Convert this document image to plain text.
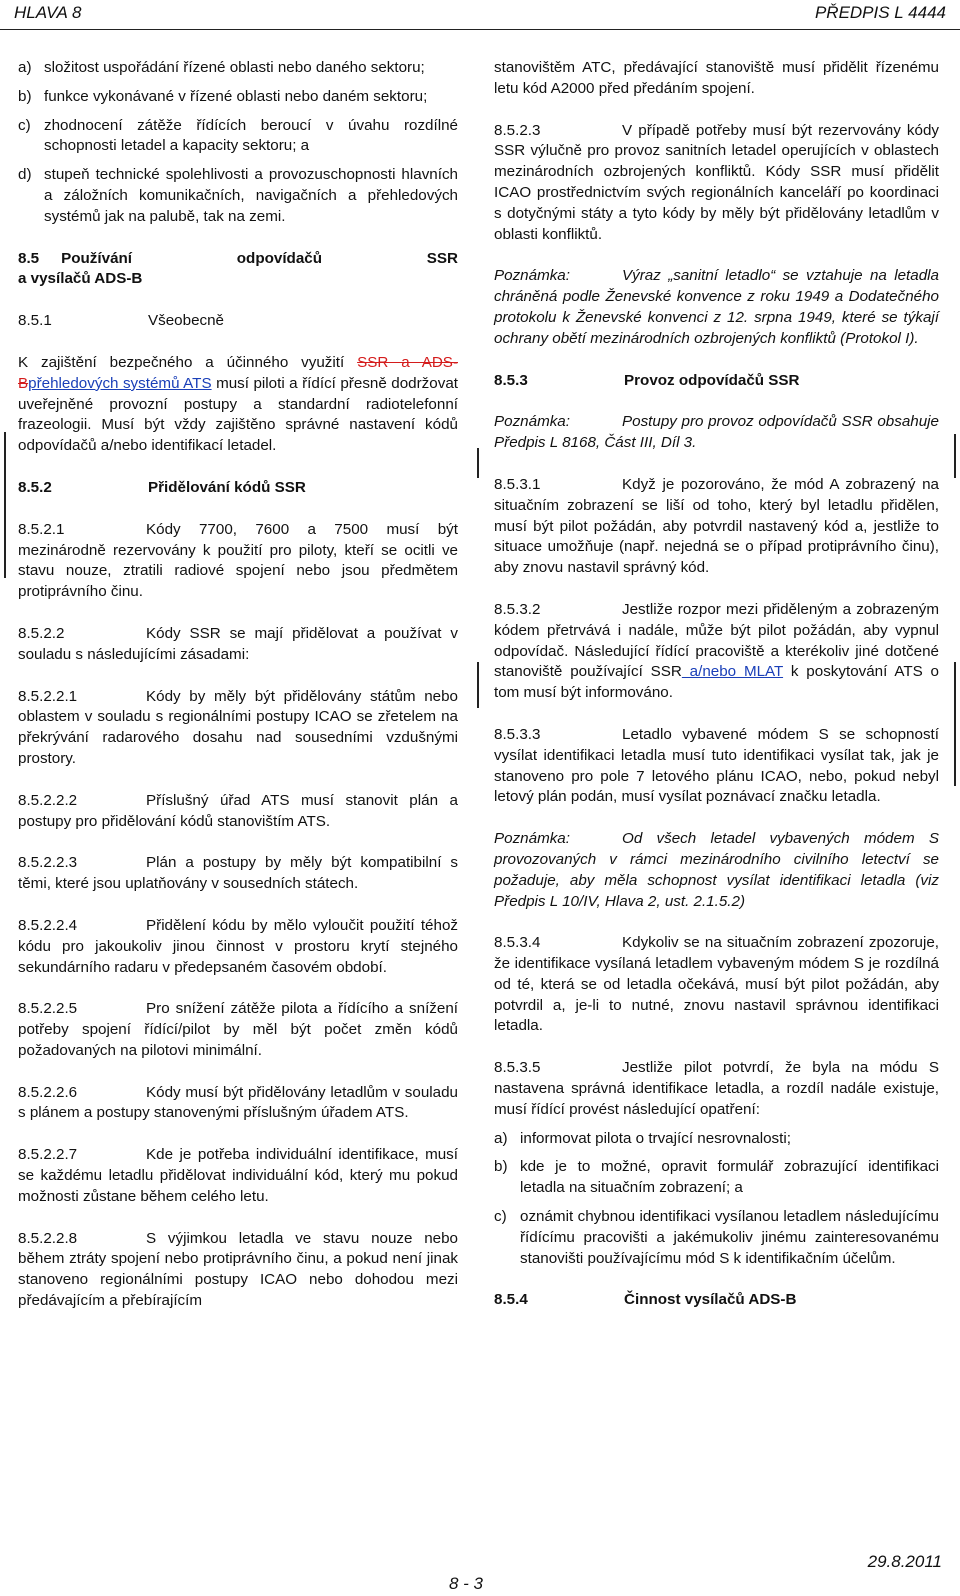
HLAVA 8	PŘEDPIS L 4444
a) složitost uspořádání řízené oblasti nebo daného sektoru;
b) funkce vykonávané v řízené oblasti nebo daném sektoru;
c) zhodnocení zátěže řídících beroucí v úvahu rozdílné schopnosti letadel a kapacity sektoru; a
d) stupeň technické spolehlivosti a provozuschopnosti hlavních a záložních komunikačních, navigačních a přehledových systémů jak na palubě, tak na zemi.
8.5	Používání odpovídačů SSR
a vysílačů ADS-B
8.5.1	Všeobecně

K zajištění bezpečného a účinného využití SSR a ADS-Bpřehledových systémů ATS musí piloti a řídící přesně dodržovat uveřejněné provozní postupy a standardní radiotelefonní frazeologii. Musí být vždy zajištěno správné nastavení kódů odpovídačů a/nebo identifikací letadel.

8.5.2	Přidělování kódů SSR

8.5.2.1	Kódy 7700, 7600 a 7500 musí být mezinárodně rezervovány k použití pro piloty, kteří se ocitli ve stavu nouze, ztratili radiové spojení nebo jsou předmětem protiprávního činu.

8.5.2.2	Kódy SSR se mají přidělovat a používat v souladu s následujícími zásadami:

8.5.2.2.1	Kódy by měly být přidělovány státům nebo oblastem v souladu s regionálními postupy ICAO se zřetelem na překrývání radarového dosahu nad sousedními vzdušnými prostory.

8.5.2.2.2	Příslušný úřad ATS musí stanovit plán a postupy pro přidělování kódů stanovištím ATS.

8.5.2.2.3	Plán a postupy by měly být kompatibilní s těmi, které jsou uplatňovány v sousedních státech.

8.5.2.2.4	Přidělení kódu by mělo vyloučit použití téhož kódu pro jakoukoliv jinou činnost v prostoru krytí stejného sekundárního radaru v předepsaném časovém období.

8.5.2.2.5	Pro snížení zátěže pilota a řídícího a snížení potřeby spojení řídící/pilot by měl být počet změn kódů požadovaných na pilotovi minimální.

8.5.2.2.6	Kódy musí být přidělovány letadlům v souladu s plánem a postupy stanovenými příslušným úřadem ATS.

8.5.2.2.7	Kde je potřeba individuální identifikace, musí se každému letadlu přidělovat individuální kód, který mu pokud možnosti zůstane během celého letu.

8.5.2.2.8	S výjimkou letadla ve stavu nouze nebo během ztráty spojení nebo protiprávního činu, a pokud není jinak stanoveno regionálními postupy ICAO nebo dohodou mezi předávajícím a přebírajícím

stanovištěm ATC, předávající stanoviště musí přidělit řízenému letu kód A2000 před předáním spojení.

8.5.2.3	V případě potřeby musí být rezervovány kódy SSR výlučně pro provoz sanitních letadel operujících v oblastech mezinárodních ozbrojených konfliktů. Kódy SSR musí přidělit ICAO prostřednictvím svých regionálních kanceláří po koordinaci s dotyčnými státy a tyto kódy by měly být přidělovány letadlům v oblasti konfliktů.

Poznámka:	Výraz „sanitní letadlo“ se vztahuje na letadla chráněná podle Ženevské konvence z roku 1949 a Dodatečného protokolu k Ženevské konvenci z 12. srpna 1949, které se týkají ochrany obětí mezinárodních ozbrojených konfliktů (Protokol I).

8.5.3	Provoz odpovídačů SSR

Poznámka:	Postupy pro provoz odpovídačů SSR obsahuje Předpis L 8168, Část III, Díl 3.

8.5.3.1	Když je pozorováno, že mód A zobrazený na situačním zobrazení se liší od toho, který byl letadlu přidělen, musí být pilot požádán, aby potvrdil nastavený kód a, jestliže to situace umožňuje (např. nejedná se o případ protiprávního činu), aby znovu nastavil správný kód.

8.5.3.2	Jestliže rozpor mezi přiděleným a zobrazeným kódem přetrvává i nadále, může být pilot požádán, aby vypnul odpovídač. Následující řídící pracoviště a kterékoliv jiné dotčené stanoviště používající SSR a/nebo MLAT k poskytování ATS o tom musí být informováno.

8.5.3.3	Letadlo vybavené módem S se schopností vysílat identifikaci letadla musí tuto identifikaci vysílat tak, jak je stanoveno pro pole 7 letového plánu ICAO, nebo, pokud nebyl letový plán podán, musí vysílat poznávací značku letadla.

Poznámka:	Od všech letadel vybavených módem S provozovaných v rámci mezinárodního civilního letectví se požaduje, aby měla schopnost vysílat identifikaci letadla (viz Předpis L 10/IV, Hlava 2, ust. 2.1.5.2)

8.5.3.4	Kdykoliv se na situačním zobrazení zpozoruje, že identifikace vysílaná letadlem vybaveným módem S je rozdílná od té, která se od letadla očekává, musí být pilot požádán, aby potvrdil a, je-li to nutné, znovu nastavil správnou identifikaci letadla.

8.5.3.5	Jestliže pilot potvrdí, že byla na módu S nastavena správná identifikace letadla, a rozdíl nadále existuje, musí řídící provést následující opatření:

a) informovat pilota o trvající nesrovnalosti;
b) kde je to možné, opravit formulář zobrazující identifikaci letadla na situačním zobrazení; a
c) oznámit chybnou identifikaci vysílanou letadlem následujícímu řídícímu pracovišti a jakémukoliv jinému zainteresovanému stanovišti používajícímu mód S k identifikačním účelům.
8.5.4	Činnost vysílačů ADS-B
29.8.2011
8 - 3
